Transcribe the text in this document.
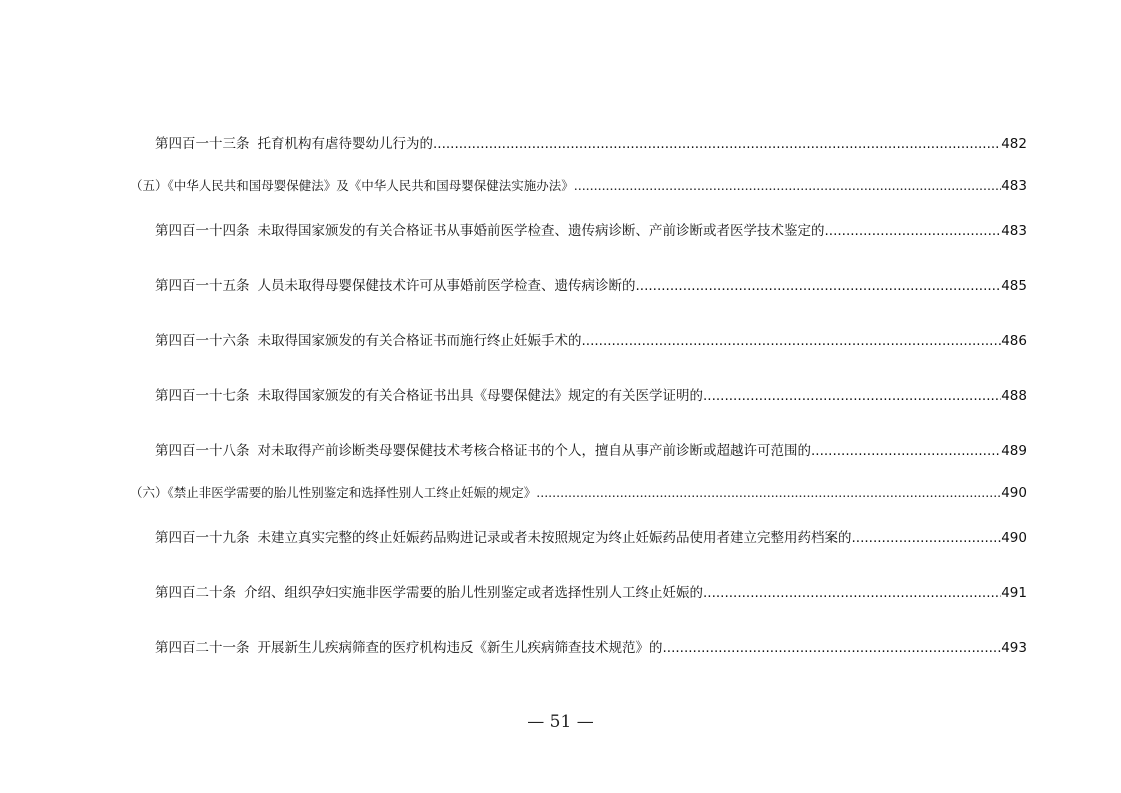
第四百一十三条 托育机构有虐待婴幼儿行为的 .....	482
（五）《中华人民共和国母婴保健法》及《中华人民共和国母婴保健法实施办法》 .....	483
第四百一十四条 未取得国家颁发的有关合格证书从事婚前医学检查、遗传病诊断、产前诊断或者医学技术鉴定的 .....	483
第四百一十五条 人员未取得母婴保健技术许可从事婚前医学检查、遗传病诊断的 .....	485
第四百一十六条 未取得国家颁发的有关合格证书而施行终止妊娠手术的 .....	486
第四百一十七条 未取得国家颁发的有关合格证书出具《母婴保健法》规定的有关医学证明的 .....	488
第四百一十八条 对未取得产前诊断类母婴保健技术考核合格证书的个人，擅自从事产前诊断或超越许可范围的 .....	489
（六）《禁止非医学需要的胎儿性别鉴定和选择性别人工终止妊娠的规定》 .....	490
第四百一十九条 未建立真实完整的终止妊娠药品购进记录或者未按照规定为终止妊娠药品使用者建立完整用药档案的 .....	490
第四百二十条 介绍、组织孕妇实施非医学需要的胎儿性别鉴定或者选择性别人工终止妊娠的 .....	491
第四百二十一条 开展新生儿疾病筛查的医疗机构违反《新生儿疾病筛查技术规范》的 .....	493
— 51 —
